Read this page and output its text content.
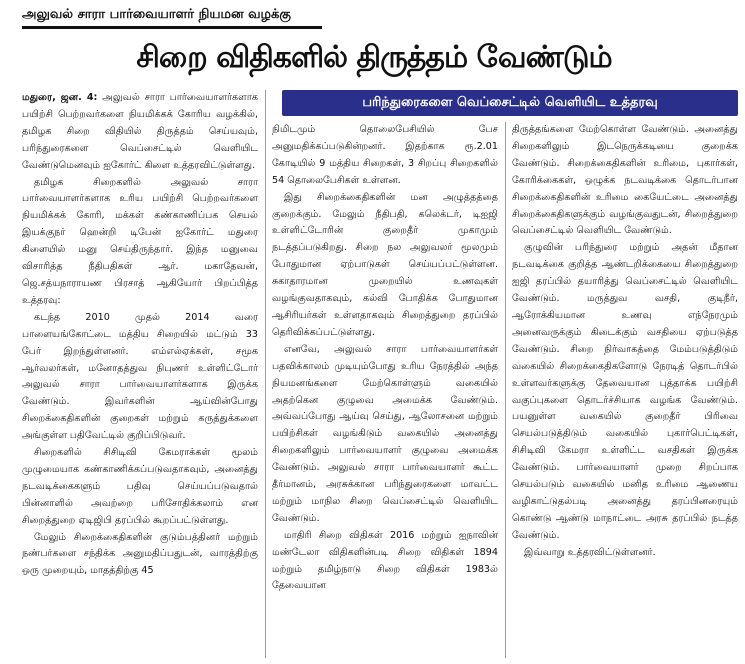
அலுவல் சாரா பார்வையாளர் நியமன வழக்கு
சிறை விதிகளில் திருத்தம் வேண்டும்
பரிந்துரைகளை வெப்சைட்டில் வெளியிட உத்தரவு

மதுரை, ஜன. 4: அலுவல் சாரா பார்வையாளர்களாக பயிற்சி பெற்றவர்களை நியமிக்கக் கோரிய வழக்கில், தமிழக சிறை விதியில் திருத்தம் செய்யவும், பரிந்துரைகளை வெப்சைட்டில் வெளியிட வேண்டுமெனவும் ஐகோர்ட் கிளை உத்தரவிட்டுள்ளது.

தமிழக சிறைகளில் அலுவல் சாரா பார்வையாளர்களாக உரிய பயிற்சி பெற்றவர்களை நியமிக்கக் கோரி, மக்கள் கண்காணிப்பக செயல் இயக்குநர் ஹென்றி டிபேன் ஐகோர்ட் மதுரை கிளையில் மனு செய்திருந்தார். இந்த மனுவை விசாரித்த நீதிபதிகள் ஆர். மகாதேவன், ஜெ.சத்யநாராயண பிரசாத் ஆகியோர் பிறப்பித்த உத்தரவு:

கடந்த 2010 முதல் 2014 வரை பாளையங்கோட்டை மத்திய சிறையில் மட்டும் 33 பேர் இறந்துள்ளனர். எம்எல்ஏக்கள், சமூக ஆர்வலர்கள், மனோதத்துவ நிபுணர் உள்ளிட்டோர் அலுவல் சாரா பார்வையாளர்களாக இருக்க வேண்டும். இவர்களின் ஆய்வின்போது சிறைக்கைதிகளின் குறைகள் மற்றும் கருத்துக்களை அங்குள்ள பதிவேட்டில் குறிப்பிடுவர்.

சிறைகளில் சிசிடிவி கேமராக்கள் மூலம் முழுமையாக கண்காணிக்கப்படுவதாகவும், அனைத்து நடவடிக்கைகளும் பதிவு செய்யப்படுவதால் பின்னாளில் அவற்றை பரிசோதிக்கலாம் என சிறைத்துறை ஏடிஜிபி தரப்பில் கூறப்பட்டுள்ளது.

மேலும் சிறைக்கைதிகளின் குடும்பத்தினர் மற்றும் நண்பர்களை சந்திக்க அனுமதிப்பதுடன், வாரத்திற்கு ஒரு முறையும், மாதத்திற்கு 45

நிமிடமும் தொலைபேசியில் பேச அனுமதிக்கப்படுகின்றனர். இதற்காக ரூ.2.01 கோடியில் 9 மத்திய சிறைகள், 3 சிறப்பு சிறைகளில் 54 தொலைபேசிகள் உள்ளன.

இது சிறைக்கைதிகளின் மன அழுத்தத்தை குறைக்கும். மேலும் நீதிபதி, கலெக்டர், டிஐஜி உள்ளிட்டோரின் குறைதீர் முகாமும் நடத்தப்படுகிறது. சிறை நல அலுவலர் மூலமும் போதுமான ஏற்பாடுகள் செய்யப்பட்டுள்ளன. சுகாதாரமான முறையில் உணவுகள் வழங்குவதாகவும், கல்வி போதிக்க போதுமான ஆசிரியர்கள் உள்ளதாகவும் சிறைத்துறை தரப்பில் தெரிவிக்கப்பட்டுள்ளது.

எனவே, அலுவல் சாரா பார்வையாளர்கள் பதவிக்காலம் முடியும்போது உரிய நேரத்தில் அந்த நியமனங்களை மேற்கொள்ளும் வகையில் அதற்கென குழுவை அமைக்க வேண்டும். அவ்வப்போது ஆய்வு செய்து, ஆலோசனை மற்றும் பயிற்சிகள் வழங்கிடும் வகையில் அனைத்து சிறைகளிலும் பார்வையாளர் குழுவை அமைக்க வேண்டும். அலுவல் சாரா பார்வையாளர் கூட்ட தீர்மானம், அரசுக்கான பரிந்துரைகளை மாவட்ட மற்றும் மாநில சிறை வெப்சைட்டில் வெளியிட வேண்டும்.

மாதிரி சிறை விதிகள் 2016 மற்றும் ஐநாவின் மண்டேலா விதிகளின்படி சிறை விதிகள் 1894 மற்றும் தமிழ்நாடு சிறை விதிகள் 1983ல் தேவையான

திருத்தங்களை மேற்கொள்ள வேண்டும். அனைத்து சிறைகளிலும் இடநெருக்கடியை குறைக்க வேண்டும். சிறைக்கைதிகளின் உரிமை, புகார்கள், கோரிக்கைகள், ஒழுக்க நடவடிக்கை தொடர்பான சிறைக்கைதிகளின் உரிமை கையேட்டை அனைத்து சிறைக்கைதிகளுக்கும் வழங்குவதுடன், சிறைத்துறை வெப்சைட்டில் வெளியிட வேண்டும்.

குழுவின் பரிந்துரை மற்றும் அதன் மீதான நடவடிக்கை குறித்த ஆண்டறிக்கையை சிறைத்துறை ஐஜி தரப்பில் தயாரித்து வெப்சைட்டில் வெளியிட வேண்டும். மருத்துவ வசதி, குடிநீர், ஆரோக்கியமான உணவு எந்நேரமும் அனைவருக்கும் கிடைக்கும் வசதியை ஏற்படுத்த வேண்டும். சிறை நிர்வாகத்தை மேம்படுத்திடும் வகையில் சிறைக்கைதிகளோடு நேரடித் தொடர்பில் உள்ளவர்களுக்கு தேவையான புத்தாக்க பயிற்சி வகுப்புகளை தொடர்ச்சியாக வழங்க வேண்டும். பயனுள்ள வகையில் குறைதீர் பிரிவை செயல்படுத்திடும் வகையில் புகார்பெட்டிகள், சிசிடிவி கேமரா உள்ளிட்ட வசதிகள் இருக்க வேண்டும். பார்வையாளர் முறை சிறப்பாக செயல்படும் வகையில் மனித உரிமை ஆணைய வழிகாட்டுதல்படி அனைத்து தரப்பினரையும் கொண்டு ஆண்டு மாநாட்டை அரசு தரப்பில் நடத்த வேண்டும்.

இவ்வாறு உத்தரவிட்டுள்ளனர்.
